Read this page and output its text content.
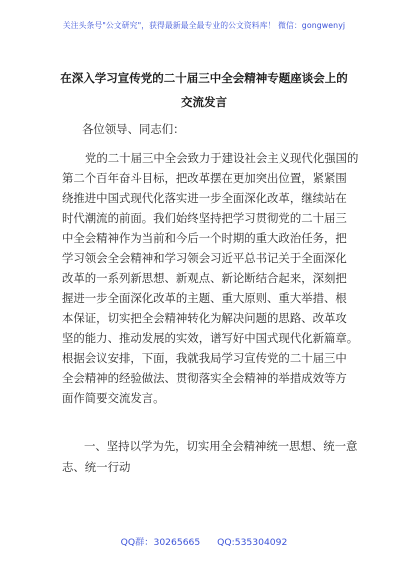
关注头条号"公文研究"，获得最新最全最专业的公文资料库！ 微信：gongwenyj
在深入学习宣传党的二十届三中全会精神专题座谈会上的
交流发言
各位领导、同志们：
党的二十届三中全会致力于建设社会主义现代化强国的
第二个百年奋斗目标，把改革摆在更加突出位置，紧紧围
绕推进中国式现代化落实进一步全面深化改革，继续站在
时代潮流的前面。我们始终坚持把学习贯彻党的二十届三
中全会精神作为当前和今后一个时期的重大政治任务，把
学习领会全会精神和学习领会习近平总书记关于全面深化
改革的一系列新思想、新观点、新论断结合起来，深刻把
握进一步全面深化改革的主题、重大原则、重大举措、根
本保证，切实把全会精神转化为解决问题的思路、改革攻
坚的能力、推动发展的实效，谱写好中国式现代化新篇章。
根据会议安排，下面，我就我局学习宣传党的二十届三中
全会精神的经验做法、贯彻落实全会精神的举措成效等方
面作简要交流发言。
一、坚持以学为先，切实用全会精神统一思想、统一意
志、统一行动
QQ群：30265665 QQ:535304092
